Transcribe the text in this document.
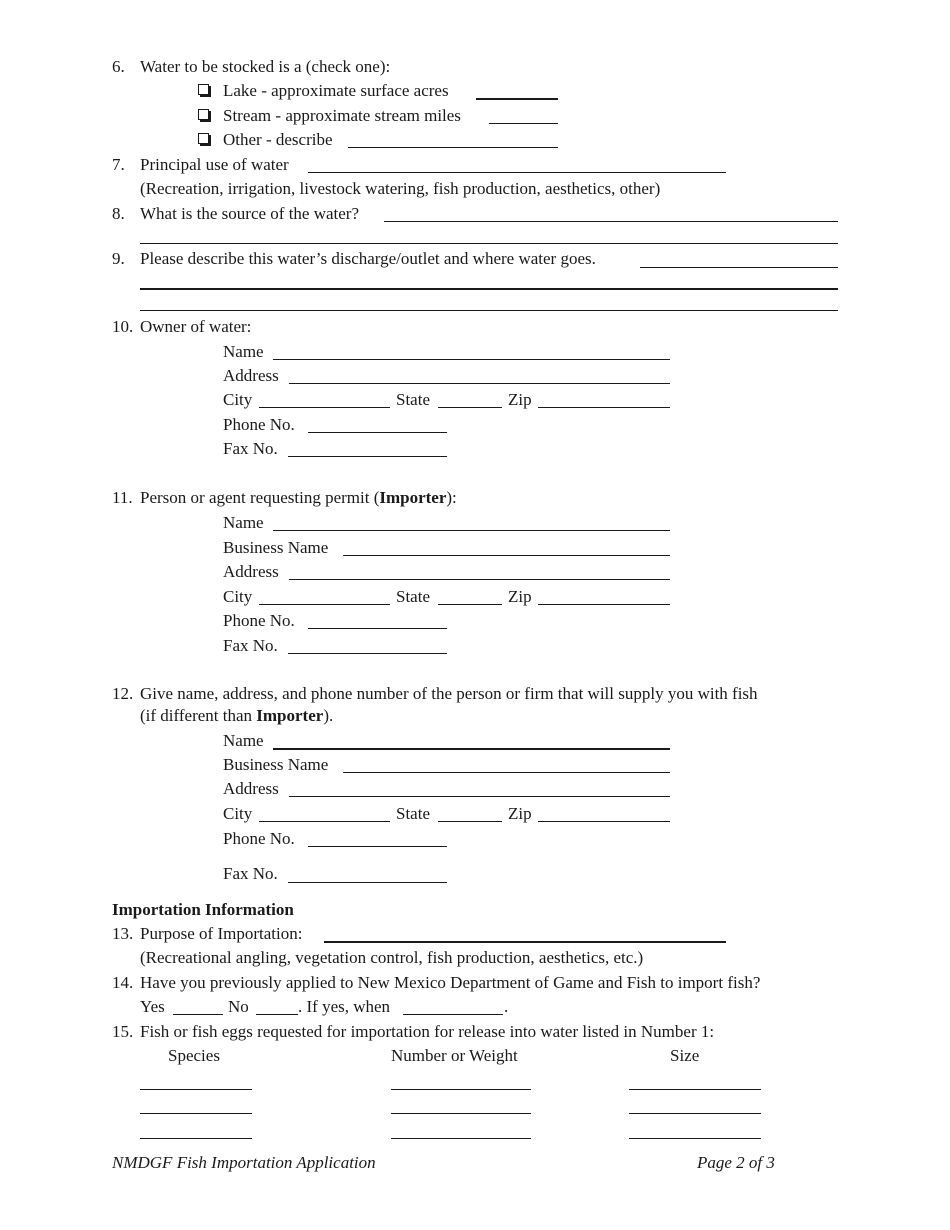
6. Water to be stocked is a (check one):
Lake - approximate surface acres
Stream - approximate stream miles
Other - describe
7. Principal use of water
(Recreation, irrigation, livestock watering, fish production, aesthetics, other)
8. What is the source of the water?
9. Please describe this water’s discharge/outlet and where water goes.
10. Owner of water:
Name
Address
City	State	Zip
Phone No.
Fax No.
11. Person or agent requesting permit (Importer):
Name
Business Name
Address
City	State	Zip
Phone No.
Fax No.
12. Give name, address, and phone number of the person or firm that will supply you with fish
(if different than Importer).
Name
Business Name
Address
City	State	Zip
Phone No.
Fax No.
Importation Information
13. Purpose of Importation:
(Recreational angling, vegetation control, fish production, aesthetics, etc.)
14. Have you previously applied to New Mexico Department of Game and Fish to import fish?
Yes	No	. If yes, when	.
15. Fish or fish eggs requested for importation for release into water listed in Number 1:
Species	Number or Weight	Size
NMDGF Fish Importation Application	Page 2 of 3
